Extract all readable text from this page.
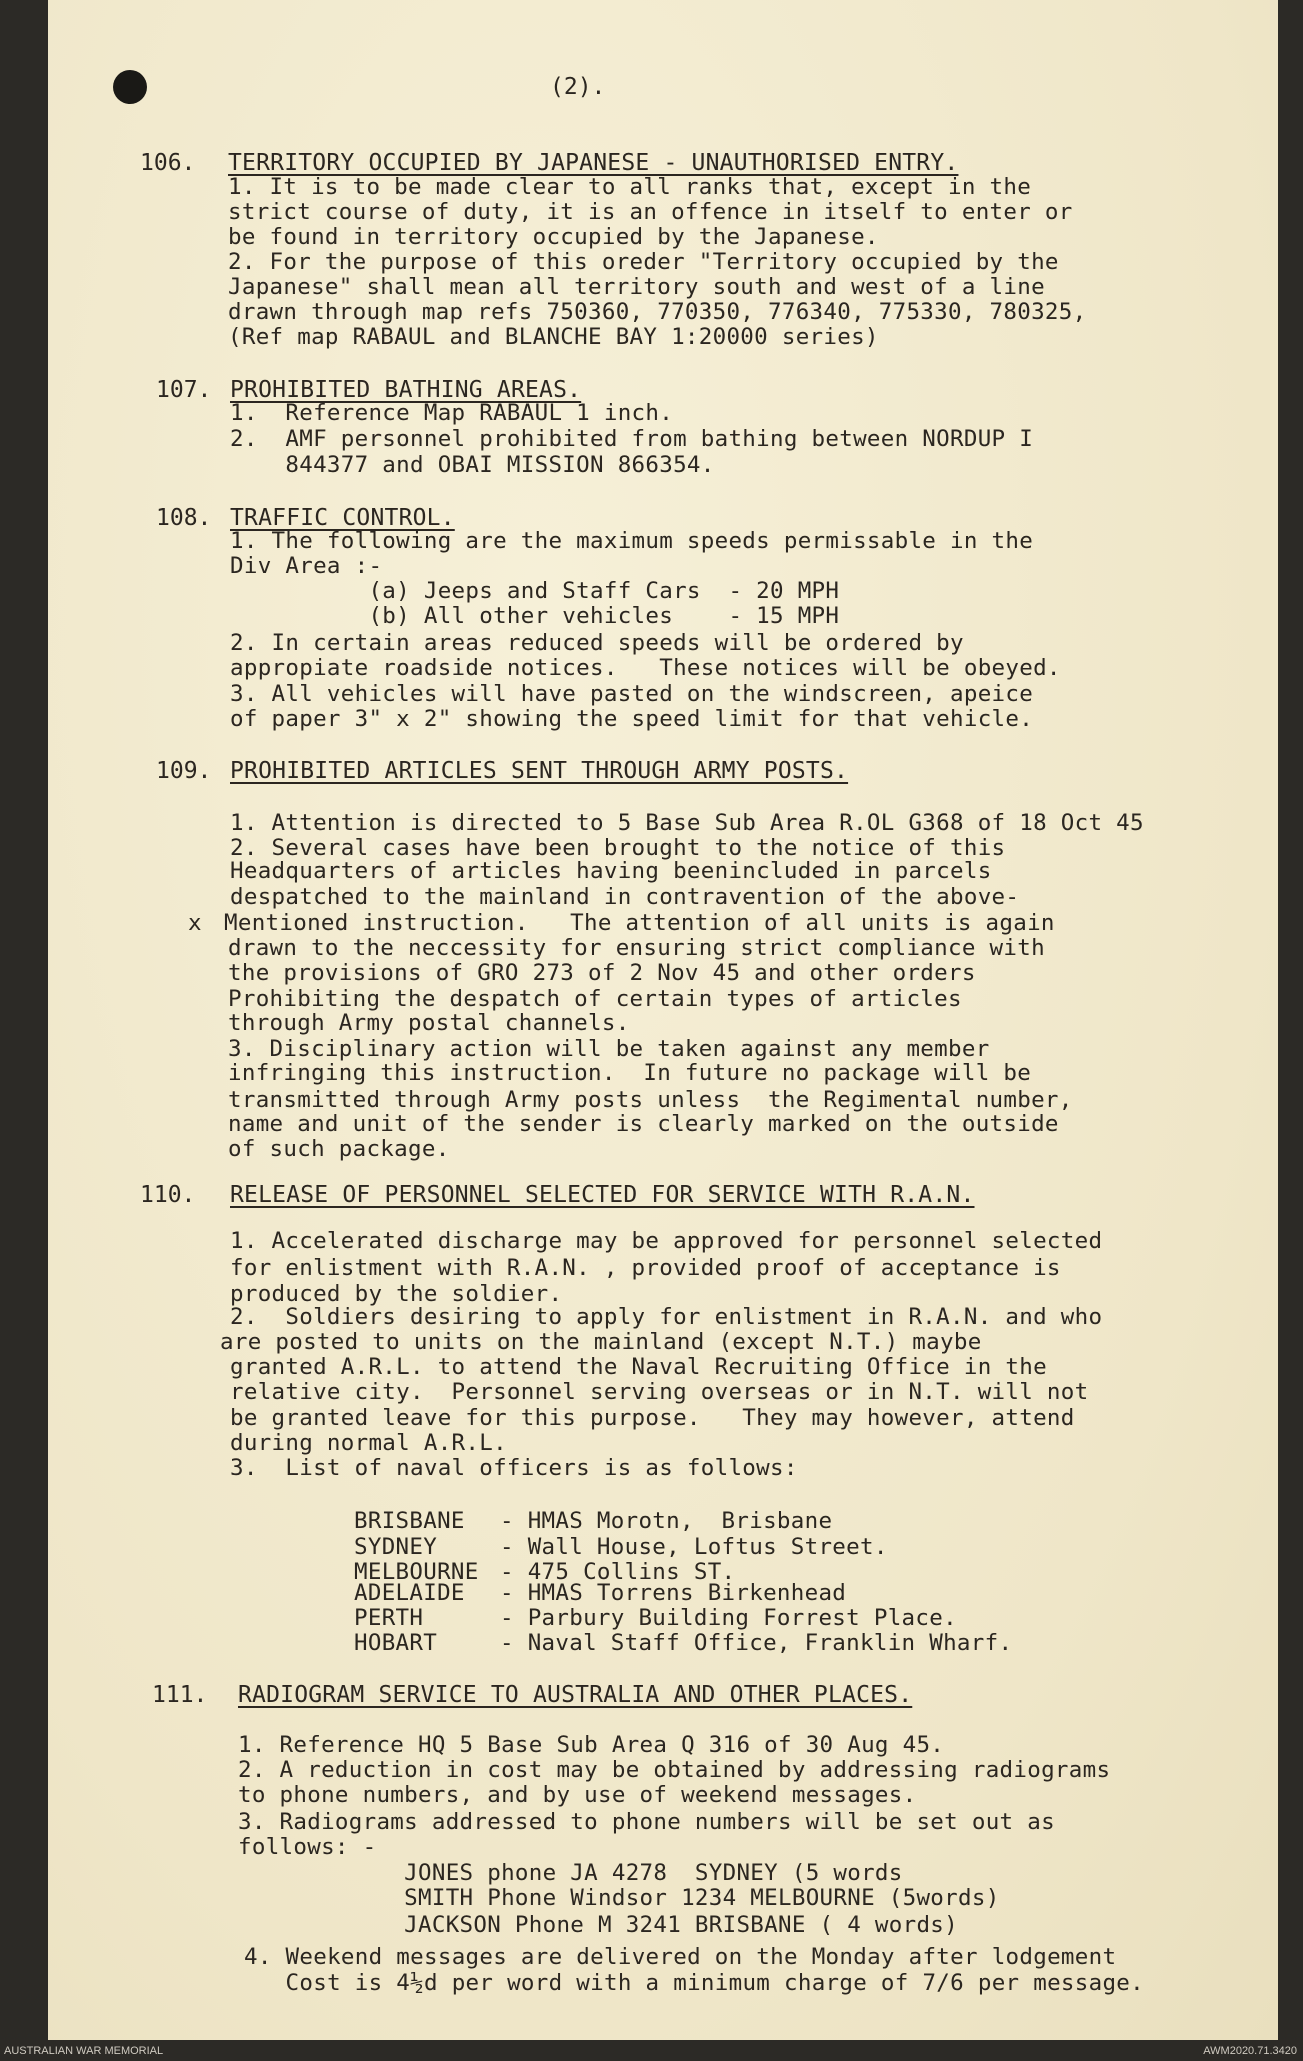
(2).
106. TERRITORY OCCUPIED BY JAPANESE - UNAUTHORISED ENTRY.
1. It is to be made clear to all ranks that, except in the
strict course of duty, it is an offence in itself to enter or
be found in territory occupied by the Japanese.
2. For the purpose of this oreder "Territory occupied by the
Japanese" shall mean all territory south and west of a line
drawn through map refs 750360, 770350, 776340, 775330, 780325,
(Ref map RABAUL and BLANCHE BAY 1:20000 series)
107. PROHIBITED BATHING AREAS.
1.  Reference Map RABAUL 1 inch.
2.  AMF personnel prohibited from bathing between NORDUP I
844377 and OBAI MISSION 866354.
108. TRAFFIC CONTROL.
1. The following are the maximum speeds permissable in the
Div Area :-
(a) Jeeps and Staff Cars  - 20 MPH
(b) All other vehicles    - 15 MPH
2. In certain areas reduced speeds will be ordered by
appropiate roadside notices.   These notices will be obeyed.
3. All vehicles will have pasted on the windscreen, apeice
of paper 3" x 2" showing the speed limit for that vehicle.
109. PROHIBITED ARTICLES SENT THROUGH ARMY POSTS.
1. Attention is directed to 5 Base Sub Area R.OL G368 of 18 Oct 45
2. Several cases have been brought to the notice of this
Headquarters of articles having beenincluded in parcels
despatched to the mainland in contravention of the above-
x Mentioned instruction.   The attention of all units is again
drawn to the neccessity for ensuring strict compliance with
the provisions of GRO 273 of 2 Nov 45 and other orders
Prohibiting the despatch of certain types of articles
through Army postal channels.
3. Disciplinary action will be taken against any member
infringing this instruction.  In future no package will be
transmitted through Army posts unless  the Regimental number,
name and unit of the sender is clearly marked on the outside
of such package.
110. RELEASE OF PERSONNEL SELECTED FOR SERVICE WITH R.A.N.
1. Accelerated discharge may be approved for personnel selected
for enlistment with R.A.N. , provided proof of acceptance is
produced by the soldier.
2.  Soldiers desiring to apply for enlistment in R.A.N. and who
are posted to units on the mainland (except N.T.) maybe
granted A.R.L. to attend the Naval Recruiting Office in the
relative city.  Personnel serving overseas or in N.T. will not
be granted leave for this purpose.   They may however, attend
during normal A.R.L.
3.  List of naval officers is as follows:
BRISBANE - HMAS Morotn,  Brisbane
SYDNEY	- Wall House, Loftus Street.
MELBOURNE - 475 Collins ST.
ADELAIDE - HMAS Torrens Birkenhead
PERTH	- Parbury Building Forrest Place.
HOBART	- Naval Staff Office, Franklin Wharf.
111. RADIOGRAM SERVICE TO AUSTRALIA AND OTHER PLACES.
1. Reference HQ 5 Base Sub Area Q 316 of 30 Aug 45.
2. A reduction in cost may be obtained by addressing radiograms
to phone numbers, and by use of weekend messages.
3. Radiograms addressed to phone numbers will be set out as
follows: -
JONES phone JA 4278  SYDNEY (5 words
SMITH Phone Windsor 1234 MELBOURNE (5words)
JACKSON Phone M 3241 BRISBANE ( 4 words)
4. Weekend messages are delivered on the Monday after lodgement
Cost is 4½d per word with a minimum charge of 7/6 per message.
AUSTRALIAN WAR MEMORIAL	AWM2020.71.3420
